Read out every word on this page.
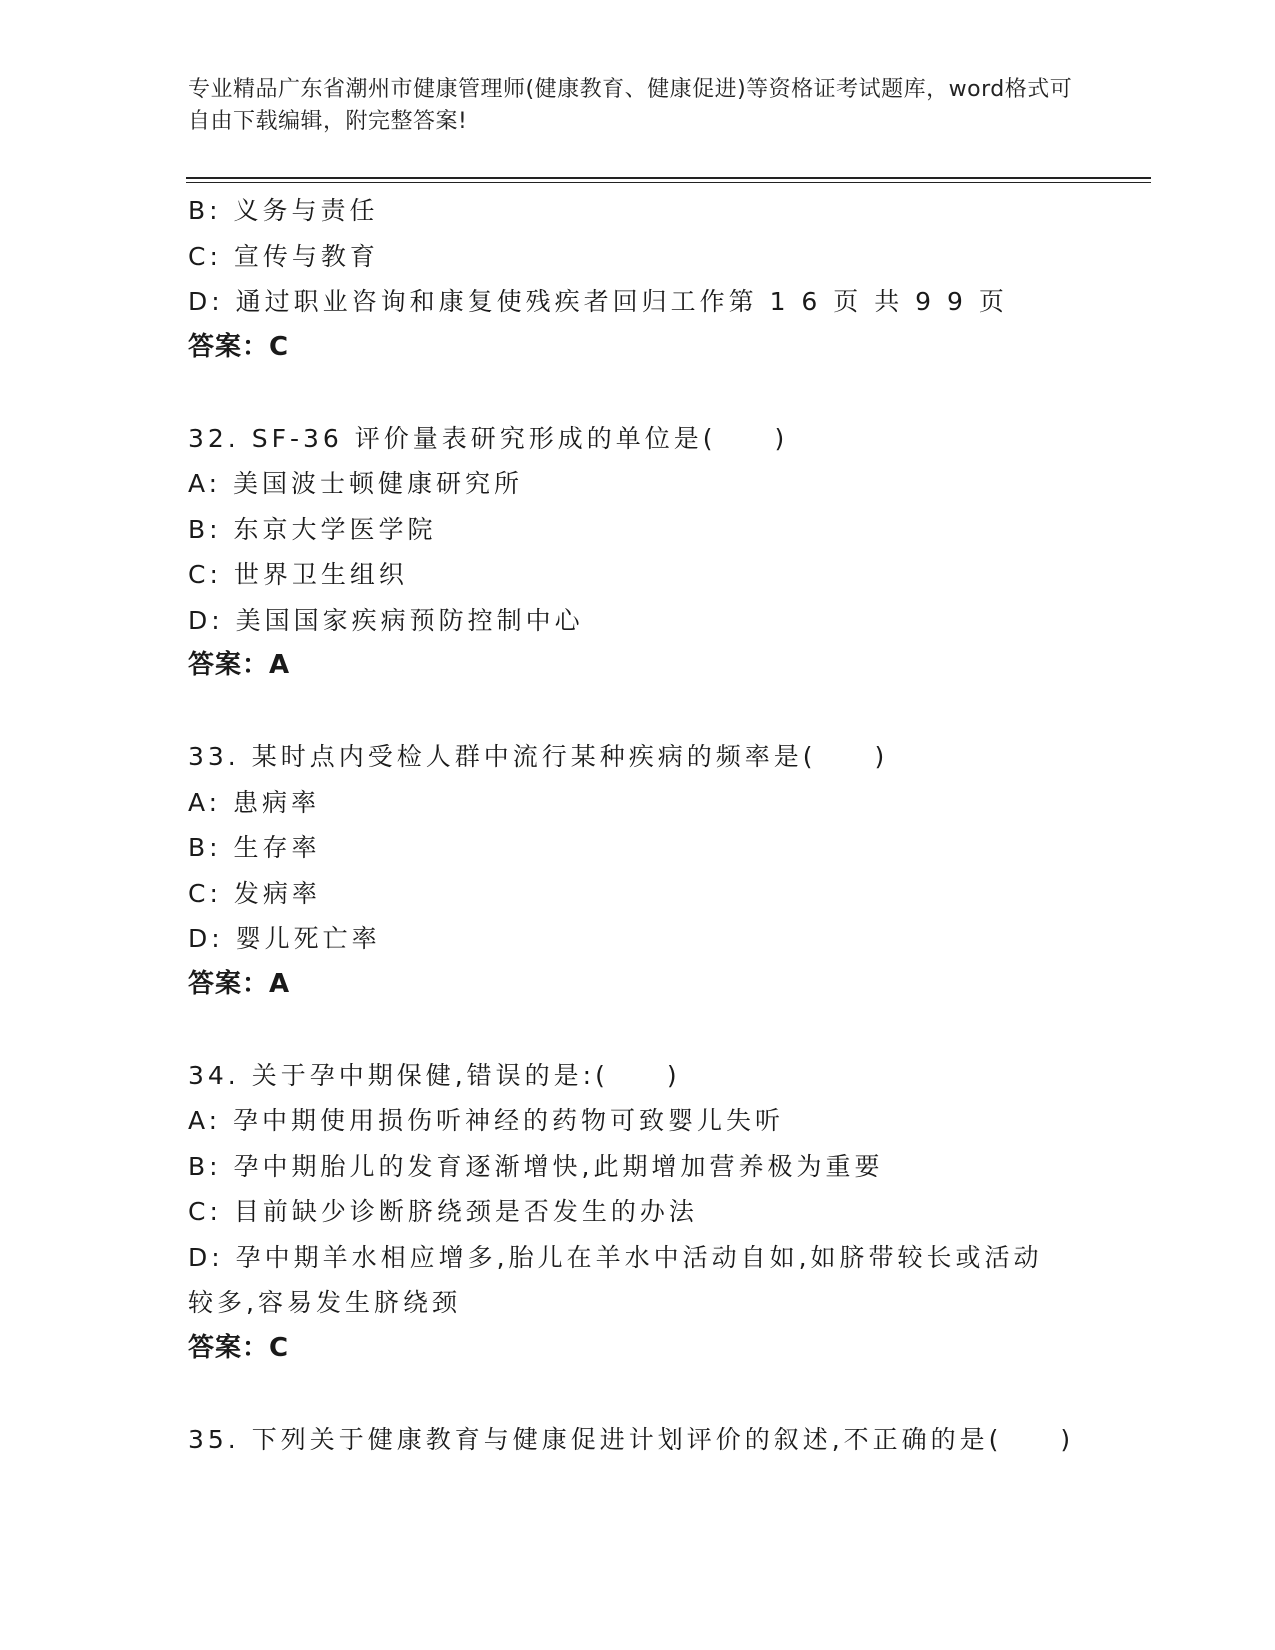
专业精品广东省潮州市健康管理师(健康教育、健康促进)等资格证考试题库，word格式可自由下载编辑，附完整答案!
B: 义务与责任
C: 宣传与教育
D: 通过职业咨询和康复使残疾者回归工作第 1 6 页 共 9 9 页
答案：C
32. SF-36 评价量表研究形成的单位是(　　)
A: 美国波士顿健康研究所
B: 东京大学医学院
C: 世界卫生组织
D: 美国国家疾病预防控制中心
答案：A
33. 某时点内受检人群中流行某种疾病的频率是(　　)
A: 患病率
B: 生存率
C: 发病率
D: 婴儿死亡率
答案：A
34. 关于孕中期保健,错误的是:(　　)
A: 孕中期使用损伤听神经的药物可致婴儿失听
B: 孕中期胎儿的发育逐渐增快,此期增加营养极为重要
C: 目前缺少诊断脐绕颈是否发生的办法
D: 孕中期羊水相应增多,胎儿在羊水中活动自如,如脐带较长或活动较多,容易发生脐绕颈
答案：C
35. 下列关于健康教育与健康促进计划评价的叙述,不正确的是(　　)
